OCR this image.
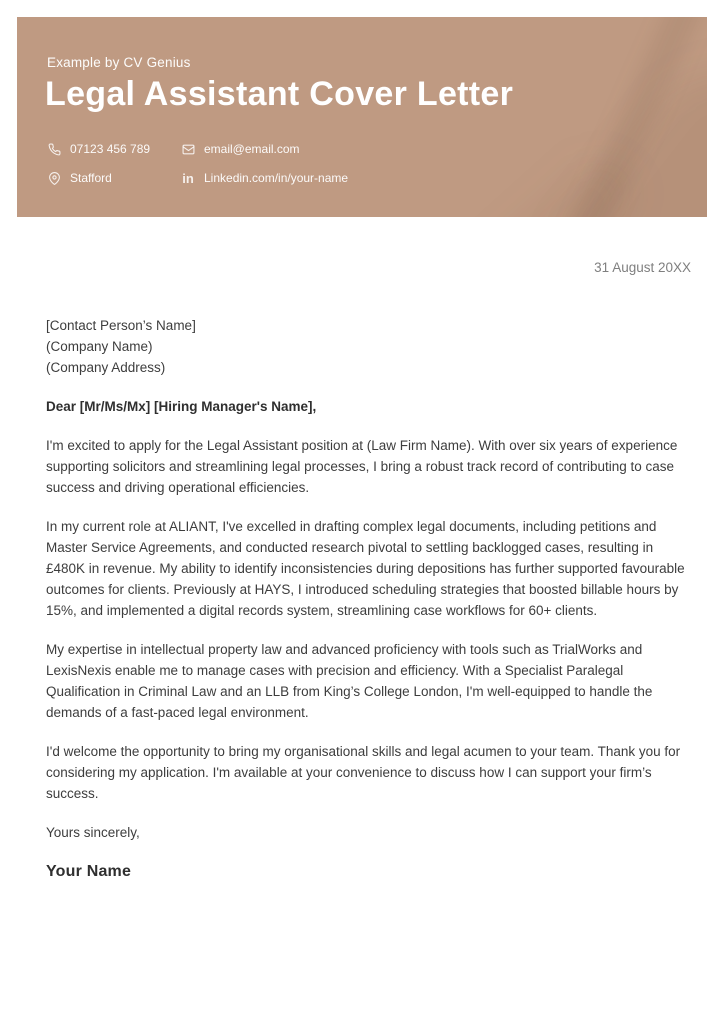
Example by CV Genius
Legal Assistant Cover Letter
07123 456 789	email@email.com
Stafford	in Linkedin.com/in/your-name
31 August 20XX
[Contact Person’s Name]
(Company Name)
(Company Address)

Dear [Mr/Ms/Mx] [Hiring Manager's Name],

I'm excited to apply for the Legal Assistant position at (Law Firm Name). With over six years of experience supporting solicitors and streamlining legal processes, I bring a robust track record of contributing to case success and driving operational efficiencies.

In my current role at ALIANT, I've excelled in drafting complex legal documents, including petitions and Master Service Agreements, and conducted research pivotal to settling backlogged cases, resulting in £480K in revenue. My ability to identify inconsistencies during depositions has further supported favourable outcomes for clients. Previously at HAYS, I introduced scheduling strategies that boosted billable hours by 15%, and implemented a digital records system, streamlining case workflows for 60+ clients.

My expertise in intellectual property law and advanced proficiency with tools such as TrialWorks and LexisNexis enable me to manage cases with precision and efficiency. With a Specialist Paralegal Qualification in Criminal Law and an LLB from King’s College London, I'm well-equipped to handle the demands of a fast-paced legal environment.

I'd welcome the opportunity to bring my organisational skills and legal acumen to your team. Thank you for considering my application. I'm available at your convenience to discuss how I can support your firm’s success.

Yours sincerely,

Your Name
